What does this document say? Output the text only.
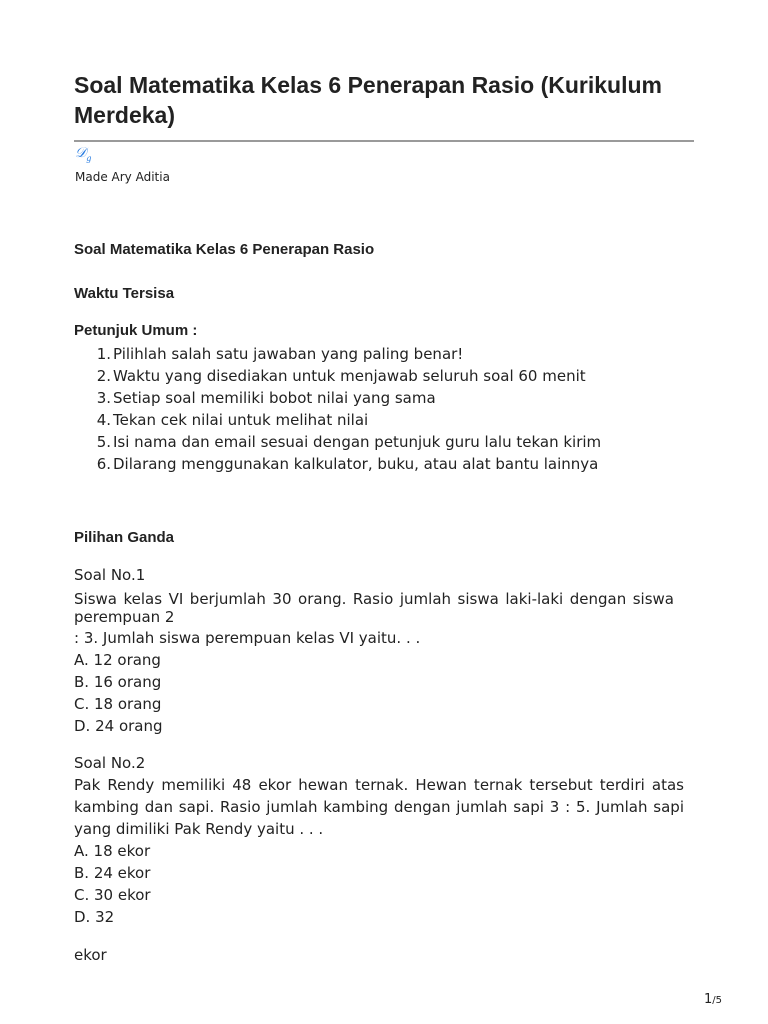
Soal Matematika Kelas 6 Penerapan Rasio (Kurikulum Merdeka)
𝒟$_g$
Made Ary Aditia
Soal Matematika Kelas 6 Penerapan Rasio
Waktu Tersisa
Petunjuk Umum :
1. Pilihlah salah satu jawaban yang paling benar!
2. Waktu yang disediakan untuk menjawab seluruh soal 60 menit
3. Setiap soal memiliki bobot nilai yang sama
4. Tekan cek nilai untuk melihat nilai
5. Isi nama dan email sesuai dengan petunjuk guru lalu tekan kirim
6. Dilarang menggunakan kalkulator, buku, atau alat bantu lainnya
Pilihan Ganda
Soal No.1
Siswa kelas VI berjumlah 30 orang. Rasio jumlah siswa laki-laki dengan siswa perempuan 2
: 3. Jumlah siswa perempuan kelas VI yaitu. . .
A. 12 orang
B. 16 orang
C. 18 orang
D. 24 orang
Soal No.2
Pak Rendy memiliki 48 ekor hewan ternak. Hewan ternak tersebut terdiri atas kambing dan sapi. Rasio jumlah kambing dengan jumlah sapi 3 : 5. Jumlah sapi yang dimiliki Pak Rendy yaitu . . .
A. 18 ekor
B. 24 ekor
C. 30 ekor
D. 32
ekor
1/5
